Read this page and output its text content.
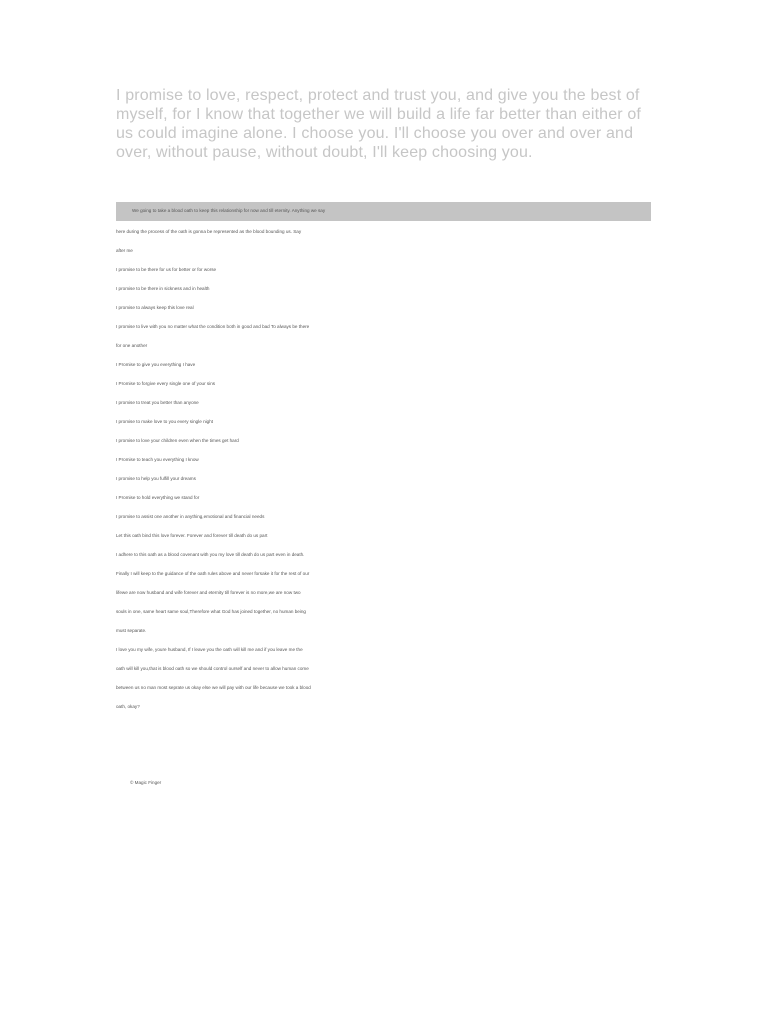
I promise to love, respect, protect and trust you, and give you the best of myself, for I know that together we will build a life far better than either of us could imagine alone. I choose you. I'll choose you over and over and over, without pause, without doubt, I'll keep choosing you.

We going to take a blood oath to keep this relationship for now and till eternity. Anything we say
here during the process of the oath is gonna be represented as the blood bounding us. Say
after me
I promise to be there for us for better or for worse
I promise to be there in sickness and in health
I promise to always keep this love real
I promise to live with you no matter what the condition both in good and bad To always be there
for one another
I Promise to give you everything I have
I Promise to forgive every single one of your sins
I promise to treat you better than anyone
I promise to make love to you every single night
I promise to love your children even when the times get hard
I Promise to teach you everything I know
I promise to help you fulfill your dreams
I Promise to hold everything we stand for
I promise to assist one another in anything,emotional and financial needs
Let this oath bind this love forever. Forever and forever till death do us part
I adhere to this oath as a blood covenant with you my love till death do us part even in death.
Finally I will keep to the guidance of the oath rules above and never forsake it for the rest of our
lifewe are now husband and wife forever and eternity till forever is no more,we are now two
souls in one, same heart same soul,Therefore what God has joined together, no human being
must separate.
I love you my wife, youre husband, If I leave you the oath will kill me and if you leave me the
oath will kill you,that is blood oath so we should control ourself and never to allow human come
between us no man most seprate us okay else we will pay with our life because we took a blood
oath, okay?
© Magic Finger
